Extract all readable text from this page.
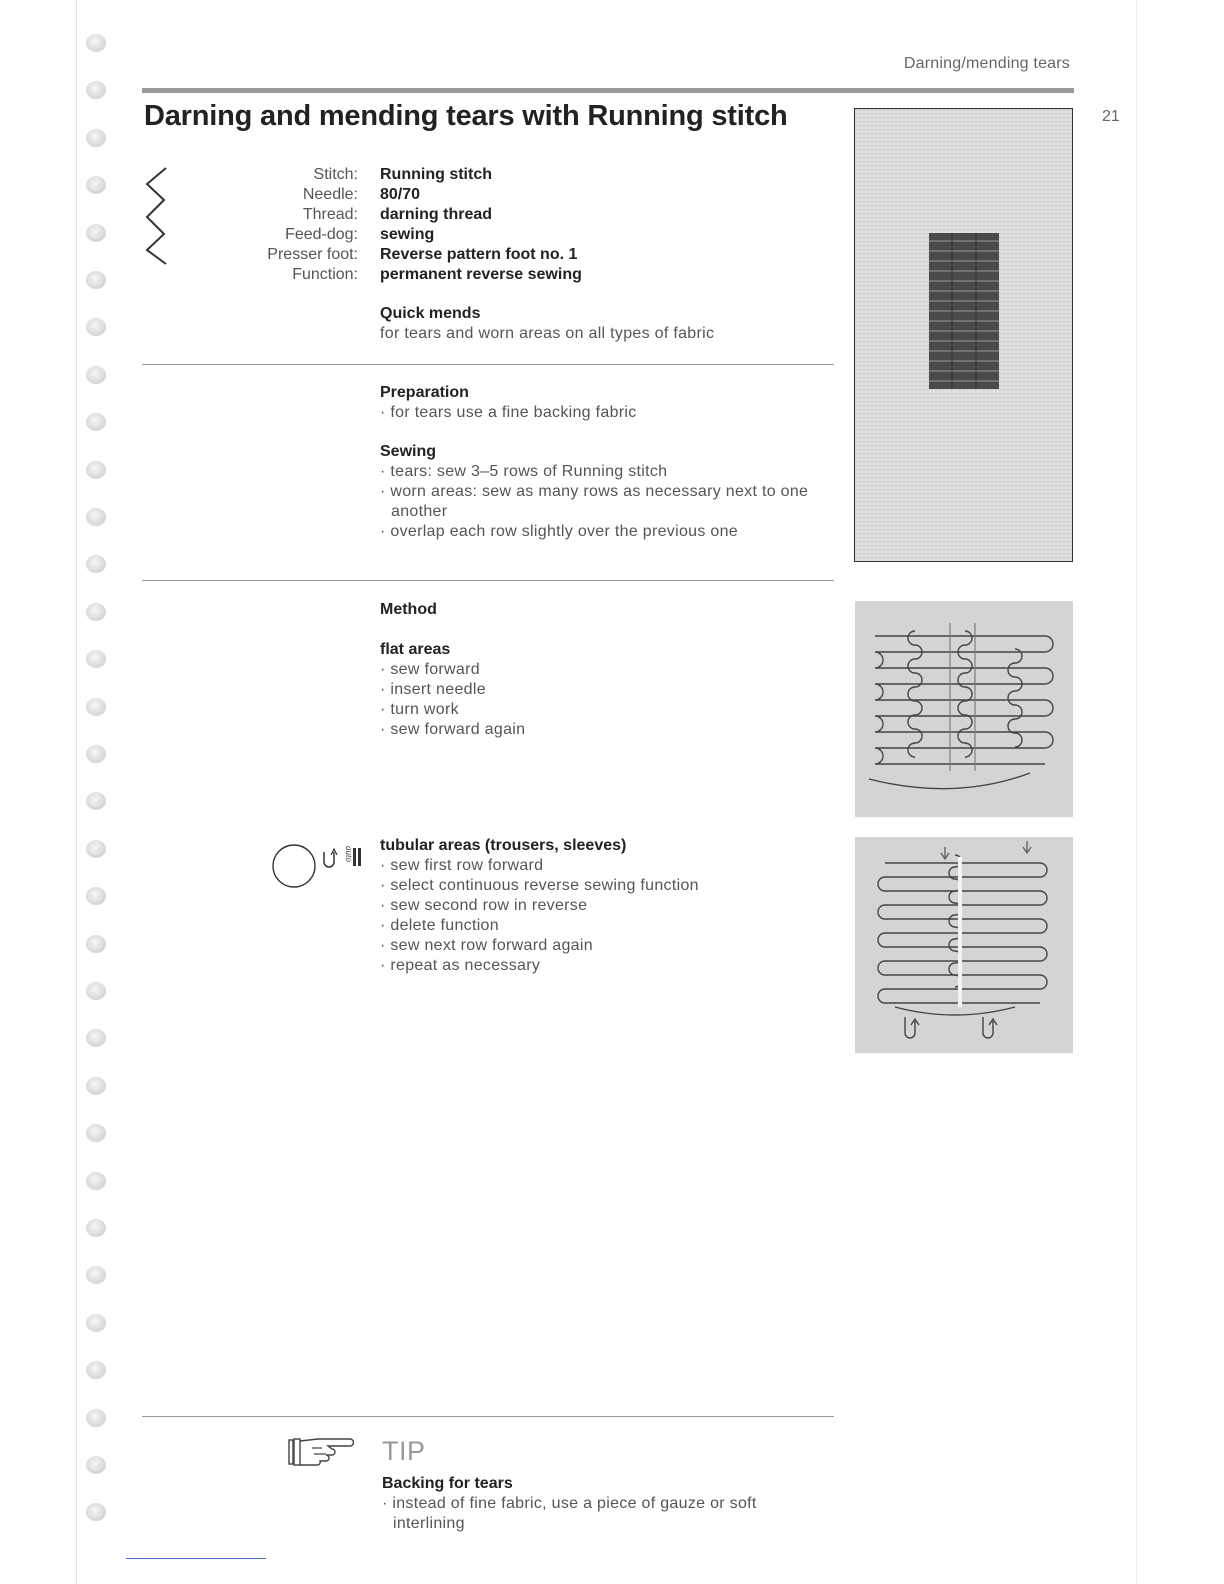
Darning/mending tears
21
Darning and mending tears with Running stitch
Stitch: Running stitch
Needle: 80/70
Thread: darning thread
Feed-dog: sewing
Presser foot: Reverse pattern foot no. 1
Function: permanent reverse sewing
Quick mends
for tears and worn areas on all types of fabric
Preparation
· for tears use a fine backing fabric
Sewing
· tears: sew 3–5 rows of Running stitch
· worn areas: sew as many rows as necessary next to one another
· overlap each row slightly over the previous one
Method
flat areas
· sew forward
· insert needle
· turn work
· sew forward again
auto
tubular areas (trousers, sleeves)
· sew first row forward
· select continuous reverse sewing function
· sew second row in reverse
· delete function
· sew next row forward again
· repeat as necessary
TIP
Backing for tears
· instead of fine fabric, use a piece of gauze or soft interlining
